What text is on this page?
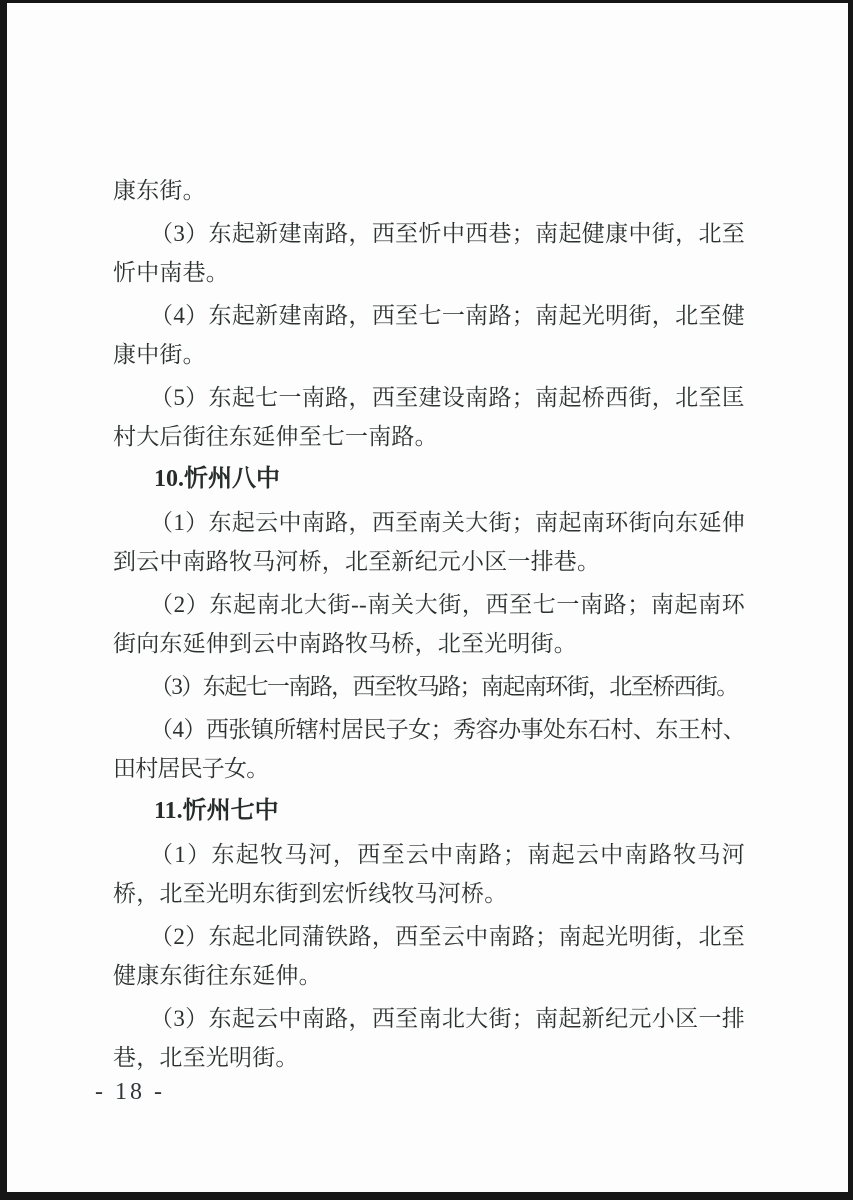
康东街。

（3）东起新建南路，西至忻中西巷；南起健康中街，北至忻中南巷。

（4）东起新建南路，西至七一南路；南起光明街，北至健康中街。

（5）东起七一南路，西至建设南路；南起桥西街，北至匡村大后街往东延伸至七一南路。

10.忻州八中

（1）东起云中南路，西至南关大街；南起南环街向东延伸到云中南路牧马河桥，北至新纪元小区一排巷。

（2）东起南北大街--南关大街，西至七一南路；南起南环街向东延伸到云中南路牧马桥，北至光明街。

（3）东起七一南路，西至牧马路；南起南环街，北至桥西街。

（4）西张镇所辖村居民子女；秀容办事处东石村、东王村、田村居民子女。

11.忻州七中

（1）东起牧马河，西至云中南路；南起云中南路牧马河桥，北至光明东街到宏忻线牧马河桥。

（2）东起北同蒲铁路，西至云中南路；南起光明街，北至健康东街往东延伸。

（3）东起云中南路，西至南北大街；南起新纪元小区一排巷，北至光明街。

- 18 -
